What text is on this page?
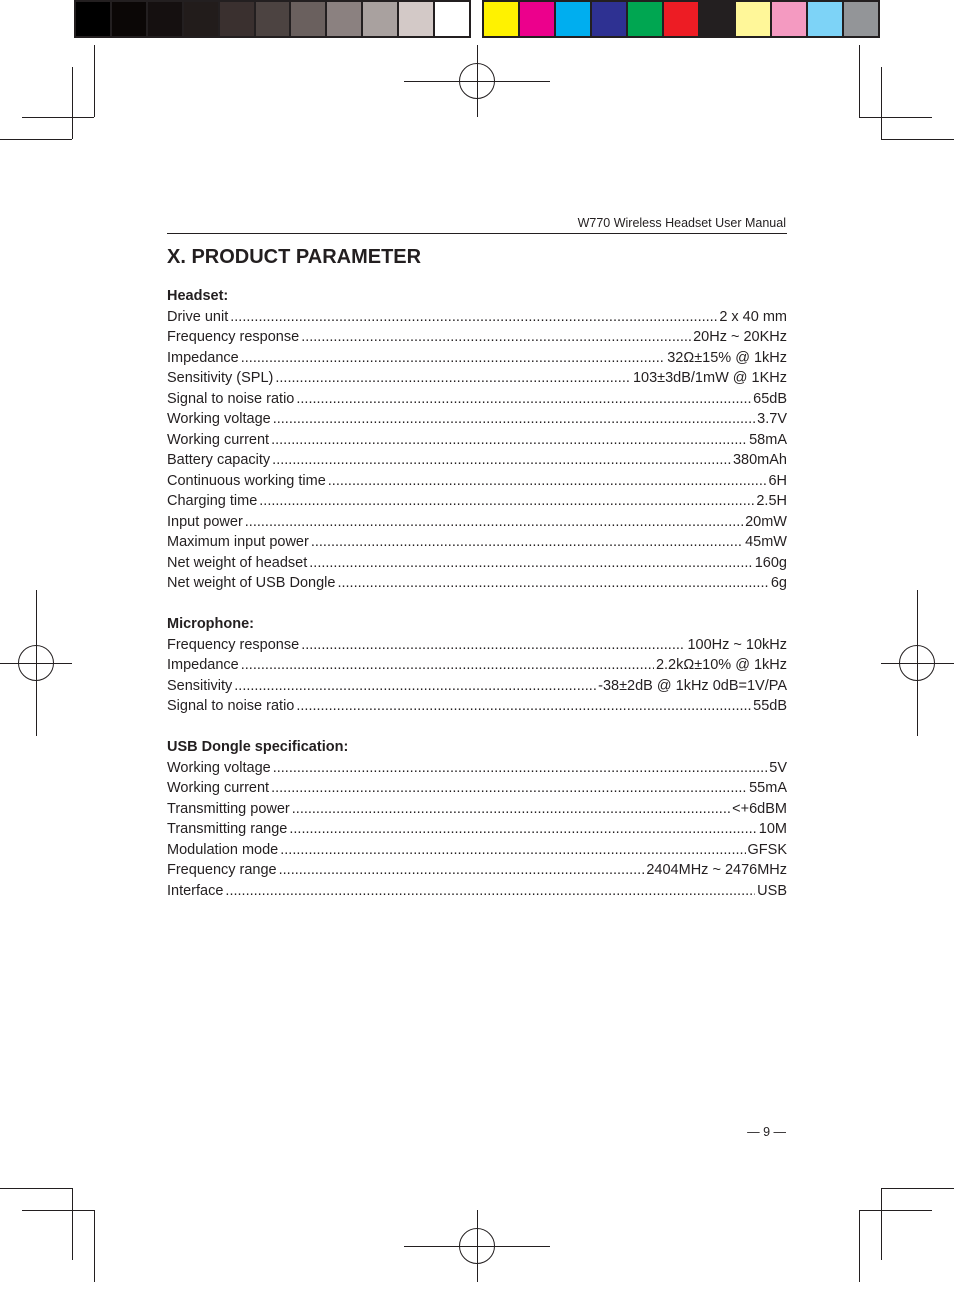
W770 Wireless Headset User Manual
X. PRODUCT PARAMETER
Headset:
Drive unit .....	2 x 40 mm
Frequency response .....	20Hz ~ 20KHz
Impedance .....	32Ω±15% @ 1kHz
Sensitivity (SPL) .....	103±3dB/1mW @ 1KHz
Signal to noise ratio .....	65dB
Working voltage .....	3.7V
Working current .....	58mA
Battery capacity .....	380mAh
Continuous working time .....	6H
Charging time .....	2.5H
Input power .....	20mW
Maximum input power .....	45mW
Net weight of headset .....	160g
Net weight of USB Dongle .....	6g
Microphone:
Frequency response .....	100Hz ~ 10kHz
Impedance .....	2.2kΩ±10% @ 1kHz
Sensitivity .....	-38±2dB @ 1kHz 0dB=1V/PA
Signal to noise ratio .....	55dB
USB Dongle specification:
Working voltage .....	5V
Working current .....	55mA
Transmitting power .....	<+6dBM
Transmitting range .....	10M
Modulation mode .....	GFSK
Frequency range .....	2404MHz ~ 2476MHz
Interface .....	USB
— 9 —
